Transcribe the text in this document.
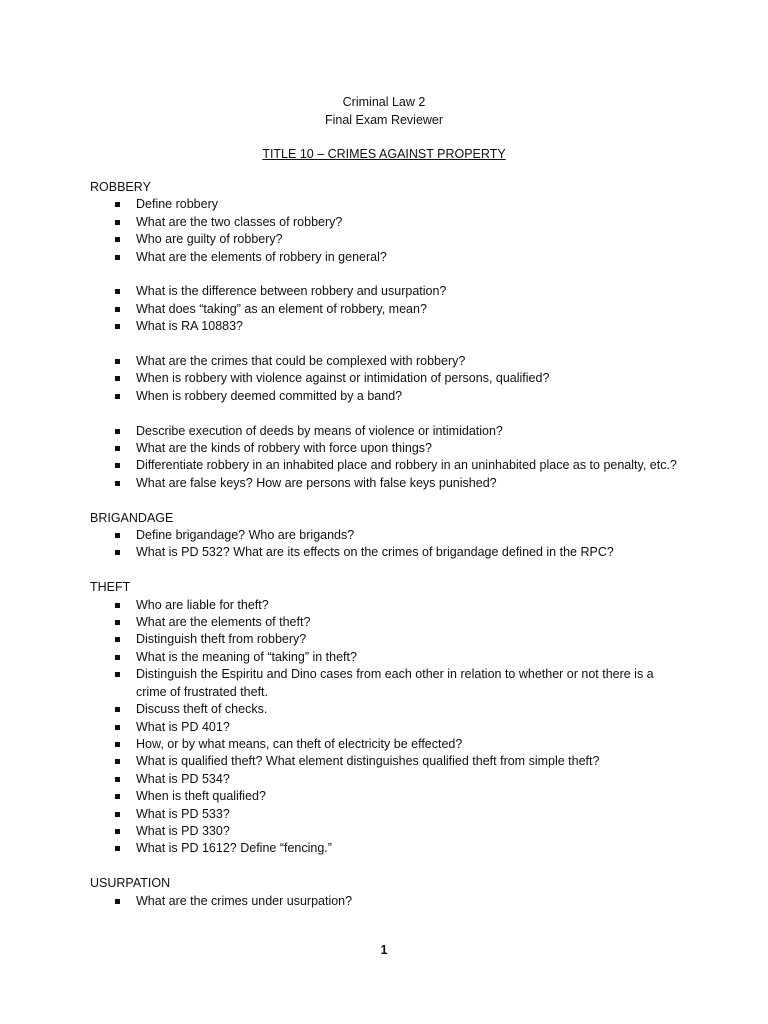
Criminal Law 2
Final Exam Reviewer
TITLE 10 – CRIMES AGAINST PROPERTY
ROBBERY
Define robbery
What are the two classes of robbery?
Who are guilty of robbery?
What are the elements of robbery in general?
What is the difference between robbery and usurpation?
What does “taking” as an element of robbery, mean?
What is RA 10883?
What are the crimes that could be complexed with robbery?
When is robbery with violence against or intimidation of persons, qualified?
When is robbery deemed committed by a band?
Describe execution of deeds by means of violence or intimidation?
What are the kinds of robbery with force upon things?
Differentiate robbery in an inhabited place and robbery in an uninhabited place as to penalty, etc.?
What are false keys? How are persons with false keys punished?
BRIGANDAGE
Define brigandage? Who are brigands?
What is PD 532? What are its effects on the crimes of brigandage defined in the RPC?
THEFT
Who are liable for theft?
What are the elements of theft?
Distinguish theft from robbery?
What is the meaning of “taking” in theft?
Distinguish the Espiritu and Dino cases from each other in relation to whether or not there is a crime of frustrated theft.
Discuss theft of checks.
What is PD 401?
How, or by what means, can theft of electricity be effected?
What is qualified theft? What element distinguishes qualified theft from simple theft?
What is PD 534?
When is theft qualified?
What is PD 533?
What is PD 330?
What is PD 1612? Define “fencing.”
USURPATION
What are the crimes under usurpation?
1
